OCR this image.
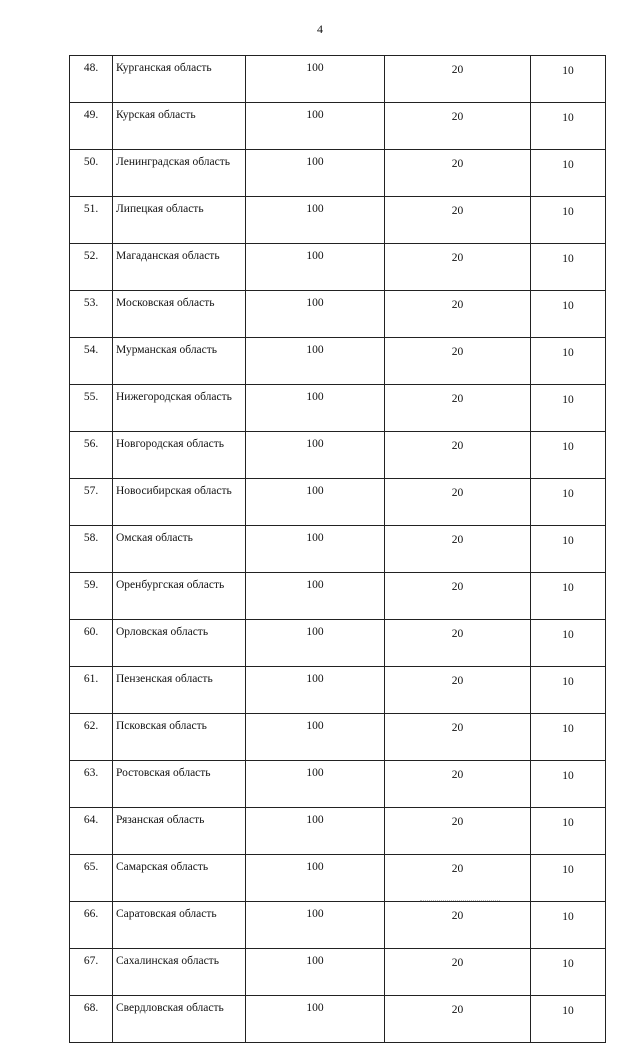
4
48.	Курганская область	100	20	10
49.	Курская область	100	20	10
50.	Ленинградская область	100	20	10
51.	Липецкая область	100	20	10
52.	Магаданская область	100	20	10
53.	Московская область	100	20	10
54.	Мурманская область	100	20	10
55.	Нижегородская область	100	20	10
56.	Новгородская область	100	20	10
57.	Новосибирская область	100	20	10
58.	Омская область	100	20	10
59.	Оренбургская область	100	20	10
60.	Орловская область	100	20	10
61.	Пензенская область	100	20	10
62.	Псковская область	100	20	10
63.	Ростовская область	100	20	10
64.	Рязанская область	100	20	10
65.	Самарская область	100	20	10
66.	Саратовская область	100	20	10
67.	Сахалинская область	100	20	10
68.	Свердловская область	100	20	10
